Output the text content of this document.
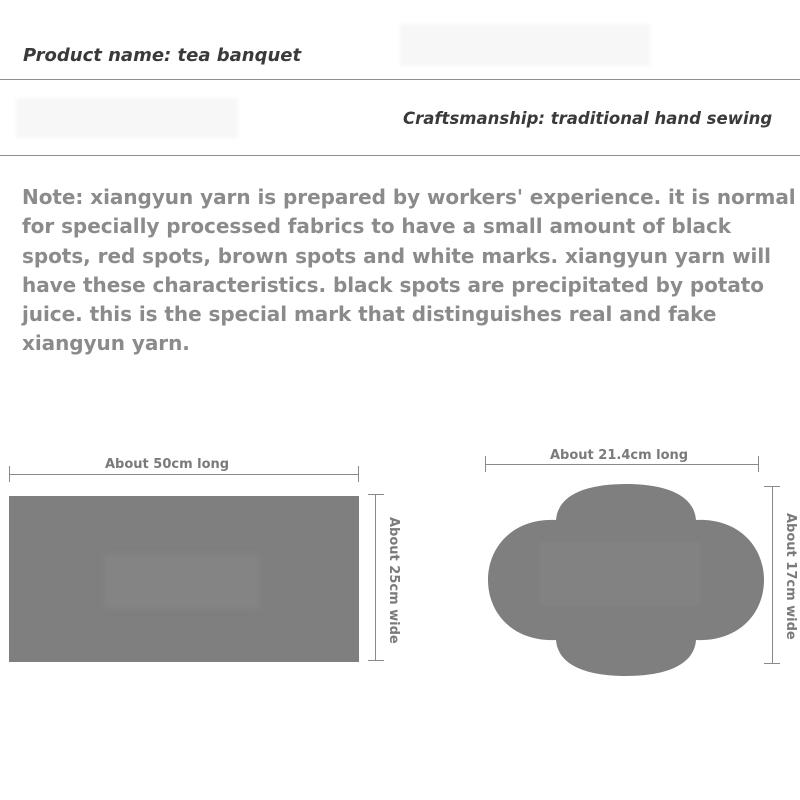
Product name: tea banquet
Craftsmanship: traditional hand sewing

Note: xiangyun yarn is prepared by workers' experience. it is normal for specially processed fabrics to have a small amount of black spots, red spots, brown spots and white marks. xiangyun yarn will have these characteristics. black spots are precipitated by potato juice. this is the special mark that distinguishes real and fake xiangyun yarn.

About 50cm long
About 25cm wide
About 21.4cm long
About 17cm wide
